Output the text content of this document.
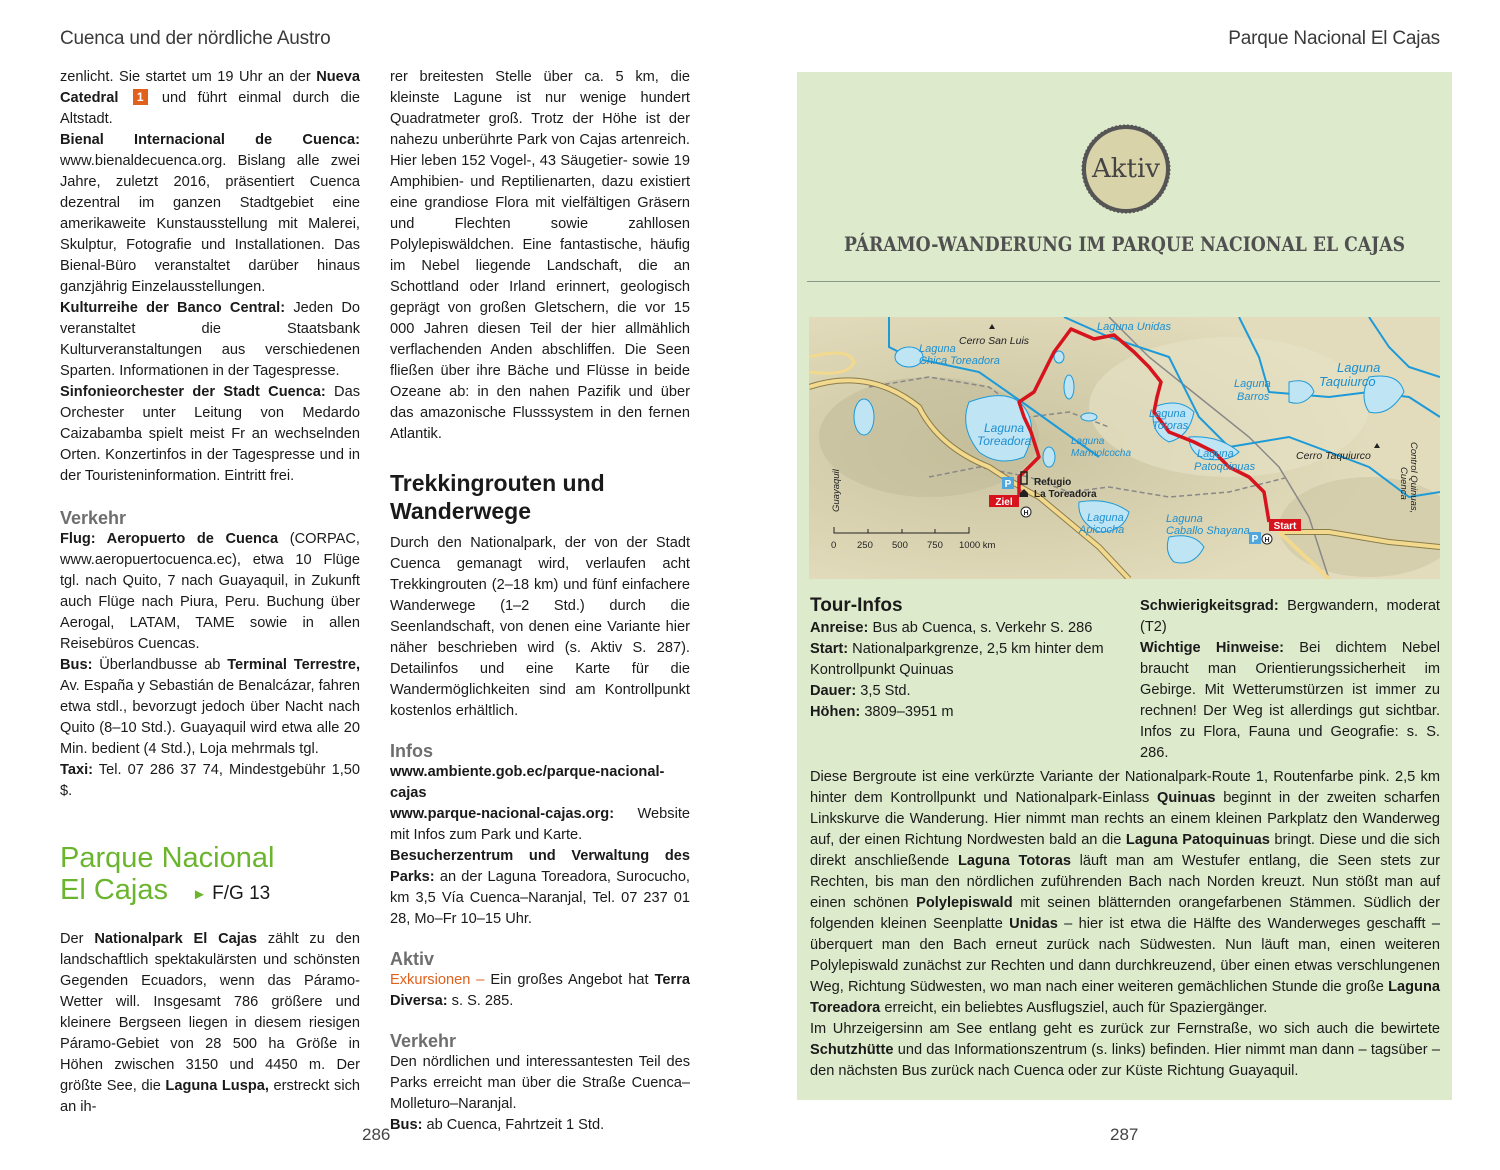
Cuenca und der nördliche Austro	Parque Nacional El Cajas

zenlicht. Sie startet um 19 Uhr an der Nueva Catedral 1 und führt einmal durch die Altstadt.

Bienal Internacional de Cuenca: www.bienaldecuenca.org. Bislang alle zwei Jahre, zuletzt 2016, präsentiert Cuenca dezentral im ganzen Stadtgebiet eine amerikaweite Kunstausstellung mit Malerei, Skulptur, Fotografie und Installationen. Das Bienal-Büro veranstaltet darüber hinaus ganzjährig Einzelausstellungen.

Kulturreihe der Banco Central: Jeden Do veranstaltet die Staatsbank Kulturveranstaltungen aus verschiedenen Sparten. Informationen in der Tagespresse.

Sinfonieorchester der Stadt Cuenca: Das Orchester unter Leitung von Medardo Caizabamba spielt meist Fr an wechselnden Orten. Konzertinfos in der Tagespresse und in der Touristeninformation. Eintritt frei.

Verkehr

Flug: Aeropuerto de Cuenca (CORPAC, www.aeropuertocuenca.ec), etwa 10 Flüge tgl. nach Quito, 7 nach Guayaquil, in Zukunft auch Flüge nach Piura, Peru. Buchung über Aerogal, LATAM, TAME sowie in allen Reisebüros Cuencas.

Bus: Überlandbusse ab Terminal Terrestre, Av. España y Sebastián de Benalcázar, fahren etwa stdl., bevorzugt jedoch über Nacht nach Quito (8–10 Std.). Guayaquil wird etwa alle 20 Min. bedient (4 Std.), Loja mehrmals tgl.

Taxi: Tel. 07 286 37 74, Mindestgebühr 1,50 $.

Parque Nacional
El Cajas ► F/G 13

Der Nationalpark El Cajas zählt zu den landschaftlich spektakulärsten und schönsten Gegenden Ecuadors, wenn das Páramo-Wetter will. Insgesamt 786 größere und kleinere Bergseen liegen in diesem riesigen Páramo-Gebiet von 28 500 ha Größe in Höhen zwischen 3150 und 4450 m. Der größte See, die Laguna Luspa, erstreckt sich an ih-

rer breitesten Stelle über ca. 5 km, die kleinste Lagune ist nur wenige hundert Quadratmeter groß. Trotz der Höhe ist der nahezu unberührte Park von Cajas artenreich. Hier leben 152 Vogel-, 43 Säugetier- sowie 19 Amphibien- und Reptilienarten, dazu existiert eine grandiose Flora mit vielfältigen Gräsern und Flechten sowie zahllosen Polylepiswäldchen. Eine fantastische, häufig im Nebel liegende Landschaft, die an Schottland oder Irland erinnert, geologisch geprägt von großen Gletschern, die vor 15 000 Jahren diesen Teil der hier allmählich verflachenden Anden abschliffen. Die Seen fließen über ihre Bäche und Flüsse in beide Ozeane ab: in den nahen Pazifik und über das amazonische Flusssystem in den fernen Atlantik.

Trekkingrouten und Wanderwege

Durch den Nationalpark, der von der Stadt Cuenca gemanagt wird, verlaufen acht Trekkingrouten (2–18 km) und fünf einfachere Wanderwege (1–2 Std.) durch die Seenlandschaft, von denen eine Variante hier näher beschrieben wird (s. Aktiv S. 287). Detailinfos und eine Karte für die Wandermöglichkeiten sind am Kontrollpunkt kostenlos erhältlich.

Infos

www.ambiente.gob.ec/parque-nacional-cajas

www.parque-nacional-cajas.org: Website mit Infos zum Park und Karte.

Besucherzentrum und Verwaltung des Parks: an der Laguna Toreadora, Surocucho, km 3,5 Vía Cuenca–Naranjal, Tel. 07 237 01 28, Mo–Fr 10–15 Uhr.

Aktiv

Exkursionen – Ein großes Angebot hat Terra Diversa: s. S. 285.

Verkehr

Den nördlichen und interessantesten Teil des Parks erreicht man über die Straße Cuenca–Molleturo–Naranjal.

Bus: ab Cuenca, Fahrtzeit 1 Std.

286	287
Aktiv
PÁRAMO-WANDERUNG IM PARQUE NACIONAL EL CAJAS
Ziel
Start
P
P
H
H
Refugio
La Toreadora
Cerro San Luis
Cerro Taquiurco
Laguna
Chica Toreadora
Laguna Unidas
Laguna
Taquiurco
Laguna
Barros
Laguna
Toreadora
Laguna
Totoras
Laguna
Marmolcocha	Laguna
Patoquinuas
Laguna
Apicocha
Laguna
Caballo Shayana
Guayaquil	Control Quinuas,
Cuenca
0 250 500 750 1000 km
Tour-Infos
Anreise: Bus ab Cuenca, s. Verkehr S. 286
Start: Nationalparkgrenze, 2,5 km hinter dem Kontrollpunkt Quinuas
Dauer: 3,5 Std.
Höhen: 3809–3951 m
Schwierigkeitsgrad: Bergwandern, moderat (T2)
Wichtige Hinweise: Bei dichtem Nebel braucht man Orientierungssicherheit im Gebirge. Mit Wetterumstürzen ist immer zu rechnen! Der Weg ist allerdings gut sichtbar. Infos zu Flora, Fauna und Geografie: s. S. 286.

Diese Bergroute ist eine verkürzte Variante der Nationalpark-Route 1, Routenfarbe pink. 2,5 km hinter dem Kontrollpunkt und Nationalpark-Einlass Quinuas beginnt in der zweiten scharfen Linkskurve die Wanderung. Hier nimmt man rechts an einem kleinen Parkplatz den Wanderweg auf, der einen Richtung Nordwesten bald an die Laguna Patoquinuas bringt. Diese und die sich direkt anschließende Laguna Totoras läuft man am Westufer entlang, die Seen stets zur Rechten, bis man den nördlichen zuführenden Bach nach Norden kreuzt. Nun stößt man auf einen schönen Polylepiswald mit seinen blätternden orangefarbenen Stämmen. Südlich der folgenden kleinen Seenplatte Unidas – hier ist etwa die Hälfte des Wanderweges geschafft – überquert man den Bach erneut zurück nach Südwesten. Nun läuft man, einen weiteren Polylepiswald zunächst zur Rechten und dann durchkreuzend, über einen etwas verschlungenen Weg, Richtung Südwesten, wo man nach einer weiteren gemächlichen Stunde die große Laguna Toreadora erreicht, ein beliebtes Ausflugsziel, auch für Spaziergänger.

Im Uhrzeigersinn am See entlang geht es zurück zur Fernstraße, wo sich auch die bewirtete Schutzhütte und das Informationszentrum (s. links) befinden. Hier nimmt man dann – tagsüber – den nächsten Bus zurück nach Cuenca oder zur Küste Richtung Guayaquil.
